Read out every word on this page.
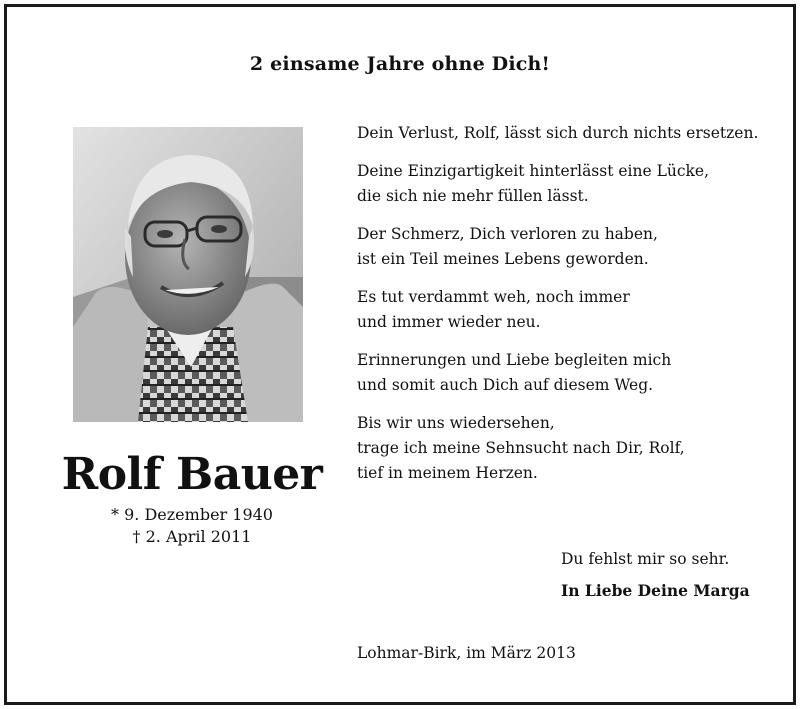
2 einsame Jahre ohne Dich!
Rolf Bauer
* 9. Dezember 1940
† 2. April 2011
Dein Verlust, Rolf, lässt sich durch nichts ersetzen.
Deine Einzigartigkeit hinterlässt eine Lücke,
die sich nie mehr füllen lässt.
Der Schmerz, Dich verloren zu haben,
ist ein Teil meines Lebens geworden.
Es tut verdammt weh, noch immer
und immer wieder neu.
Erinnerungen und Liebe begleiten mich
und somit auch Dich auf diesem Weg.
Bis wir uns wiedersehen,
trage ich meine Sehnsucht nach Dir, Rolf,
tief in meinem Herzen.
Du fehlst mir so sehr.
In Liebe Deine Marga
Lohmar-Birk, im März 2013
